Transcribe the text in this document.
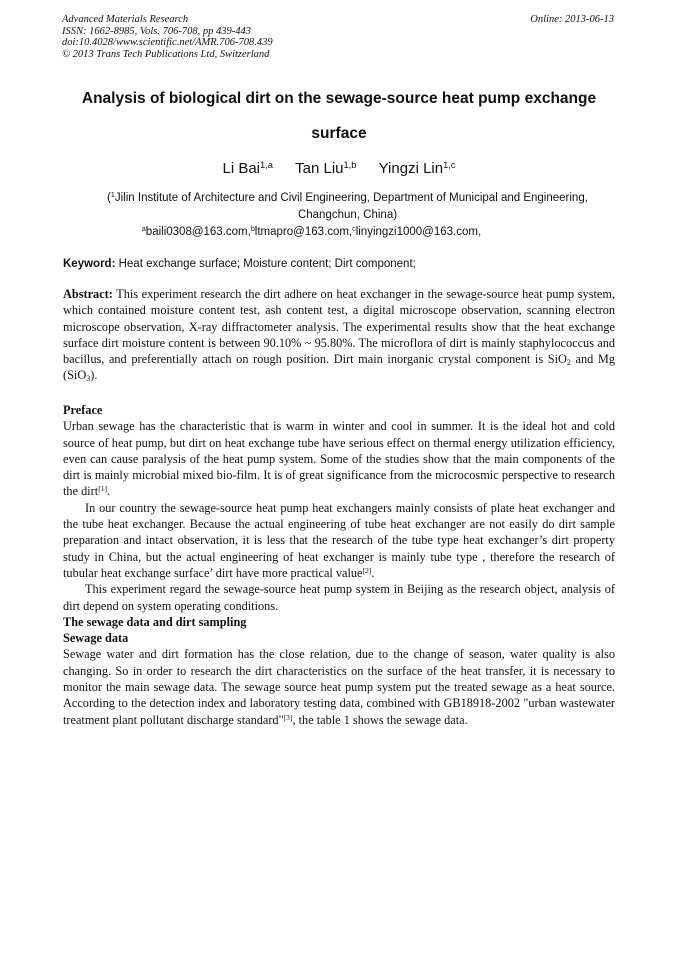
Advanced Materials Research
ISSN: 1662-8985, Vols. 706-708, pp 439-443
doi:10.4028/www.scientific.net/AMR.706-708.439
© 2013 Trans Tech Publications Ltd, Switzerland
Online: 2013-06-13
Analysis of biological dirt on the sewage-source heat pump exchange
surface
Li Bai$^{1,a}$ Tan Liu$^{1,b}$ Yingzi Lin$^{1,c}$
($^1$Jilin Institute of Architecture and Civil Engineering, Department of Municipal and Engineering,
Changchun, China)
$^a$baili0308@163.com,$^b$ltmapro@163.com,$^c$linyingzi1000@163.com,
Keyword: Heat exchange surface; Moisture content; Dirt component;

Abstract: This experiment research the dirt adhere on heat exchanger in the sewage-source heat pump system, which contained moisture content test, ash content test, a digital microscope observation, scanning electron microscope observation, X-ray diffractometer analysis. The experimental results show that the heat exchange surface dirt moisture content is between 90.10% ~ 95.80%. The microflora of dirt is mainly staphylococcus and bacillus, and preferentially attach on rough position. Dirt main inorganic crystal component is SiO$_2$ and Mg (SiO$_3$).

Preface

Urban sewage has the characteristic that is warm in winter and cool in summer. It is the ideal hot and cold source of heat pump, but dirt on heat exchange tube have serious effect on thermal energy utilization efficiency, even can cause paralysis of the heat pump system. Some of the studies show that the main components of the dirt is mainly microbial mixed bio-film. It is of great significance from the microcosmic perspective to research the dirt[1].

In our country the sewage-source heat pump heat exchangers mainly consists of plate heat exchanger and the tube heat exchanger. Because the actual engineering of tube heat exchanger are not easily do dirt sample preparation and intact observation, it is less that the research of the tube type heat exchanger’s dirt property study in China, but the actual engineering of heat exchanger is mainly tube type , therefore the research of tubular heat exchange surface’ dirt have more practical value[2].

This experiment regard the sewage-source heat pump system in Beijing as the research object, analysis of dirt depend on system operating conditions.

The sewage data and dirt sampling

Sewage data

Sewage water and dirt formation has the close relation, due to the change of season, water quality is also changing. So in order to research the dirt characteristics on the surface of the heat transfer, it is necessary to monitor the main sewage data. The sewage source heat pump system put the treated sewage as a heat source. According to the detection index and laboratory testing data, combined with GB18918-2002 "urban wastewater treatment plant pollutant discharge standard"[3], the table 1 shows the sewage data.
